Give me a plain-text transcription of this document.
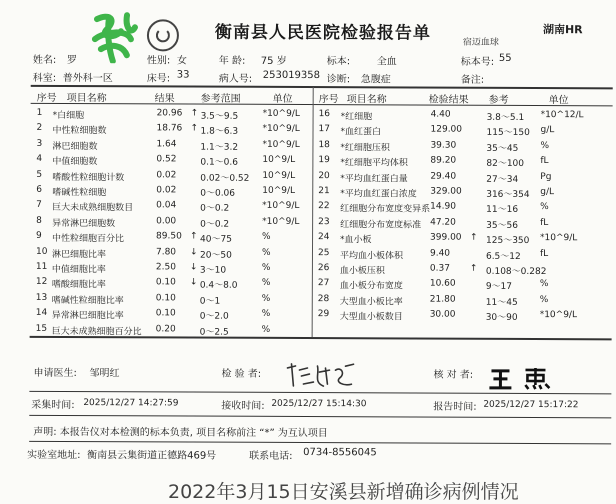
衡南县人民医院检验报告单	宿迈血球
湖南HR
姓名: 罗	性别: 女	年 龄: 75 岁	标本:	全血	标本号: 55
科室: 普外科一区	床号: 33	病人号: 253019358 诊断: 急腹症	备注:
序号 项目名称	结果	参考范围	单位	序号 项目名称	检验结果 参考	单位
1 *白细胞	20.96 ↑ 3.5～9.5	*10^9/L
2 中性粒细胞数	18.76 ↑ 1.8～6.3	*10^9/L
3 淋巴细胞数	1.64	1.1～3.2	*10^9/L
4 中值细胞数	0.52	0.1～0.6	10^9/L
5 嗜酸性粒细胞计数	0.02	0.02～0.52 10^9/L
6 嗜碱性粒细胞	0.02	0～0.06	10^9/L
7 巨大未成熟细胞数目	0.04	0～0.2	*10^9/L
8 异常淋巴细胞数	0.00	0～0.2	*10^9/L
9 中性粒细胞百分比	89.50 ↑ 40～75	%
10 淋巴细胞比率	7.80 ↓ 20～50	%
11 中值细胞比率	2.50 ↓ 3～10	%
12 嗜酸细胞比率	0.10 ↓ 0.4～8.0	%
13 嗜碱性粒细胞比率	0.10	0～1	%
14 异常淋巴细胞比率	0.10	0～2.0	%
15 巨大未成熟细胞百分比 0.20	0～2.5	%
16 *红细胞	4.40	3.8～5.1 *10^12/L
17 *血红蛋白	129.00	115～150 g/L
18 *红细胞压积	39.30	35～45 %
19 *红细胞平均体积 89.20	82～100 fL
20 *平均血红蛋白量 29.40	27～34 Pg
21 *平均血红蛋白浓度 329.00	316～354 g/L
22 红细胞分布宽度变异系 14.90	11～16 %
23 红细胞分布宽度标准 47.20	35～56 fL
24 *血小板	399.00 ↑ 125～350 *10^9/L
25 平均血小板体积	9.40	6.5～12 fL
26 血小板压积	0.37 ↑ 0.108～0.282
27 血小板分布宽度	10.60	9～17	%
28 大型血小板比率	21.80	11～45 %
29 大型血小板数目	30.00	30～90 *10^9/L
申请医生: 邹明红	检 验 者:	核 对 者:
采集时间: 2025/12/27 14:27:59	接收时间: 2025/12/27 15:14:30	报告时间: 2025/12/27 15:17:22
声明: 本报告仪对本检测的标本负责, 项目名称前注 “*” 为互认项目
实验室地址: 衡南县云集街道正德路469号	联系电话: 0734-8556045
2022年3月15日安溪县新增确诊病例情况
